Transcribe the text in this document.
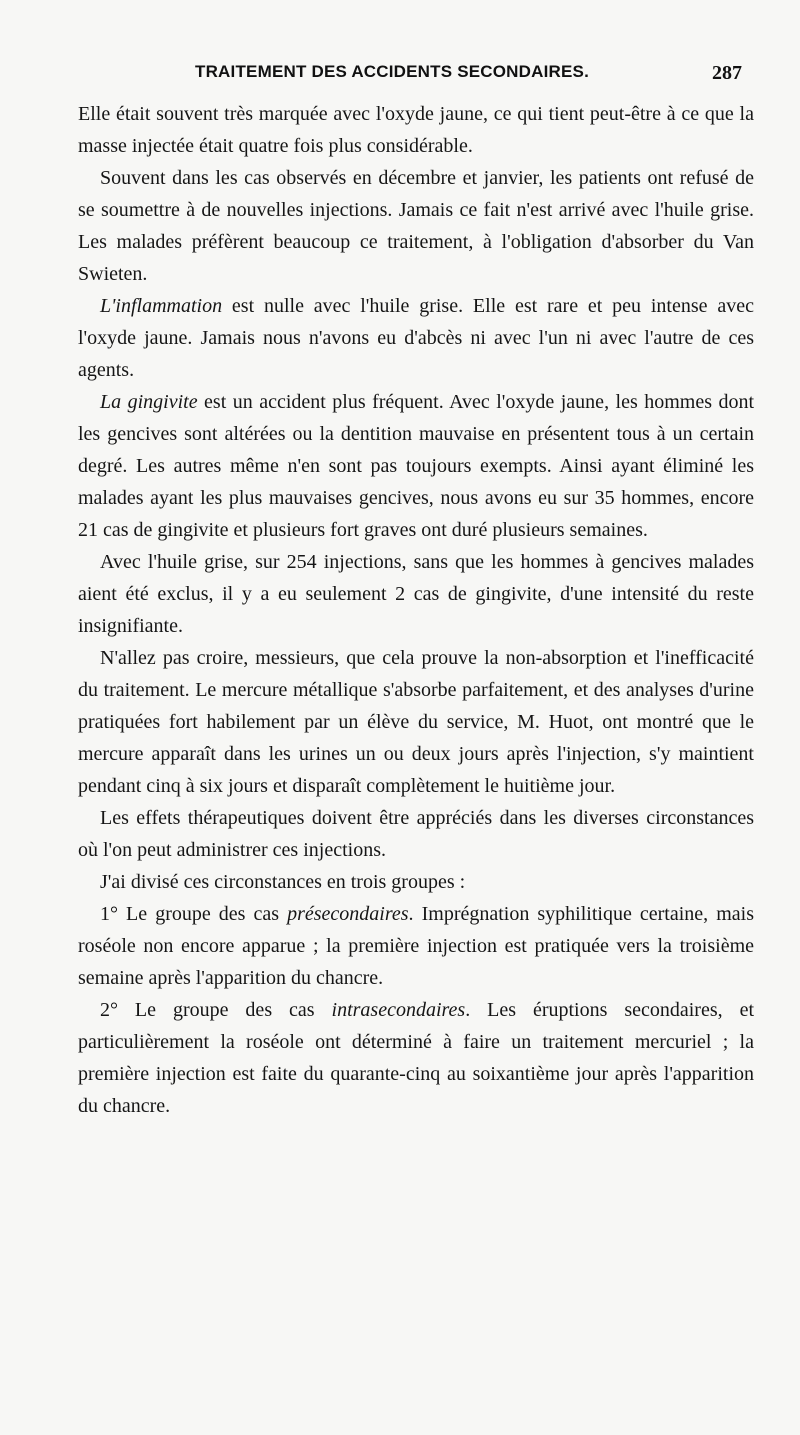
TRAITEMENT DES ACCIDENTS SECONDAIRES.	287

Elle était souvent très marquée avec l'oxyde jaune, ce qui tient peut-être à ce que la masse injectée était quatre fois plus considérable.

Souvent dans les cas observés en décembre et janvier, les patients ont refusé de se soumettre à de nouvelles injections. Jamais ce fait n'est arrivé avec l'huile grise. Les malades préfèrent beaucoup ce traitement, à l'obligation d'absorber du Van Swieten.

L'inflammation est nulle avec l'huile grise. Elle est rare et peu intense avec l'oxyde jaune. Jamais nous n'avons eu d'abcès ni avec l'un ni avec l'autre de ces agents.

La gingivite est un accident plus fréquent. Avec l'oxyde jaune, les hommes dont les gencives sont altérées ou la dentition mauvaise en présentent tous à un certain degré. Les autres même n'en sont pas toujours exempts. Ainsi ayant éliminé les malades ayant les plus mauvaises gencives, nous avons eu sur 35 hommes, encore 21 cas de gingivite et plusieurs fort graves ont duré plusieurs semaines.

Avec l'huile grise, sur 254 injections, sans que les hommes à gencives malades aient été exclus, il y a eu seulement 2 cas de gingivite, d'une intensité du reste insignifiante.

N'allez pas croire, messieurs, que cela prouve la non-absorption et l'inefficacité du traitement. Le mercure métallique s'absorbe parfaitement, et des analyses d'urine pratiquées fort habilement par un élève du service, M. Huot, ont montré que le mercure apparaît dans les urines un ou deux jours après l'injection, s'y maintient pendant cinq à six jours et disparaît complètement le huitième jour.

Les effets thérapeutiques doivent être appréciés dans les diverses circonstances où l'on peut administrer ces injections.

J'ai divisé ces circonstances en trois groupes :

1° Le groupe des cas présecondaires. Imprégnation syphilitique certaine, mais roséole non encore apparue ; la première injection est pratiquée vers la troisième semaine après l'apparition du chancre.

2° Le groupe des cas intrasecondaires. Les éruptions secondaires, et particulièrement la roséole ont déterminé à faire un traitement mercuriel ; la première injection est faite du quarante-cinq au soixantième jour après l'apparition du chancre.
